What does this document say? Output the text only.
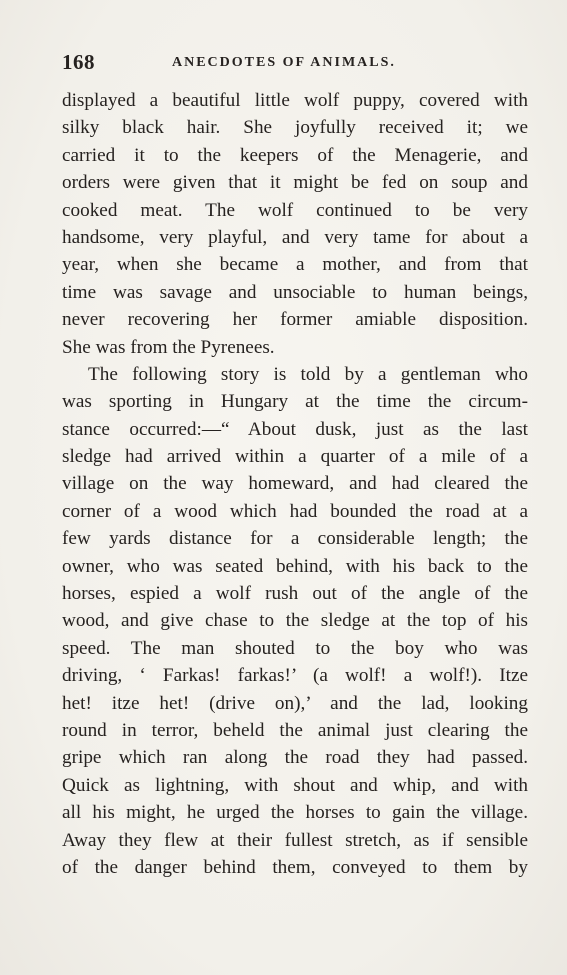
168	ANECDOTES OF ANIMALS.
displayed a beautiful little wolf puppy, covered with
silky black hair. She joyfully received it; we
carried it to the keepers of the Menagerie, and
orders were given that it might be fed on soup and
cooked meat. The wolf continued to be very
handsome, very playful, and very tame for about a
year, when she became a mother, and from that
time was savage and unsociable to human beings,
never recovering her former amiable disposition.
She was from the Pyrenees.
The following story is told by a gentleman who
was sporting in Hungary at the time the circum-
stance occurred:—“ About dusk, just as the last
sledge had arrived within a quarter of a mile of a
village on the way homeward, and had cleared the
corner of a wood which had bounded the road at a
few yards distance for a considerable length; the
owner, who was seated behind, with his back to the
horses, espied a wolf rush out of the angle of the
wood, and give chase to the sledge at the top of his
speed. The man shouted to the boy who was
driving, ‘ Farkas! farkas!’ (a wolf! a wolf!). Itze
het! itze het! (drive on),’ and the lad, looking
round in terror, beheld the animal just clearing the
gripe which ran along the road they had passed.
Quick as lightning, with shout and whip, and with
all his might, he urged the horses to gain the village.
Away they flew at their fullest stretch, as if sensible
of the danger behind them, conveyed to them by
